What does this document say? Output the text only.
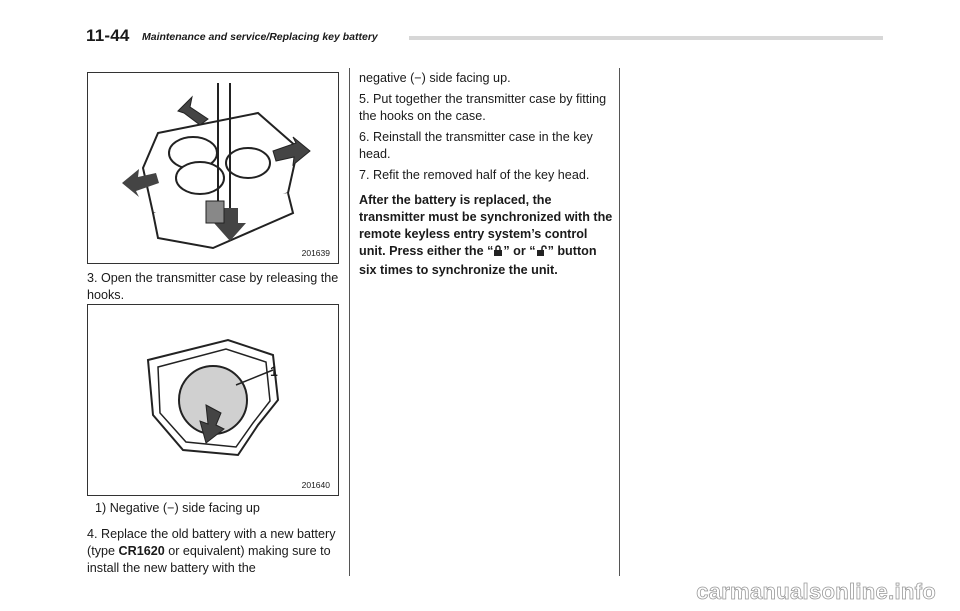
11-44 Maintenance and service/Replacing key battery
201639

3. Open the transmitter case by releasing the hooks.

1
201640

1) Negative (−) side facing up

4. Replace the old battery with a new battery (type CR1620 or equivalent) making sure to install the new battery with the

negative (−) side facing up.

5. Put together the transmitter case by fitting the hooks on the case.

6. Reinstall the transmitter case in the key head.

7. Refit the removed half of the key head.

After the battery is replaced, the transmitter must be synchronized with the remote keyless entry system’s control unit. Press either the “ ” or “ ” button six times to synchronize the unit.

carmanualsonline.info
